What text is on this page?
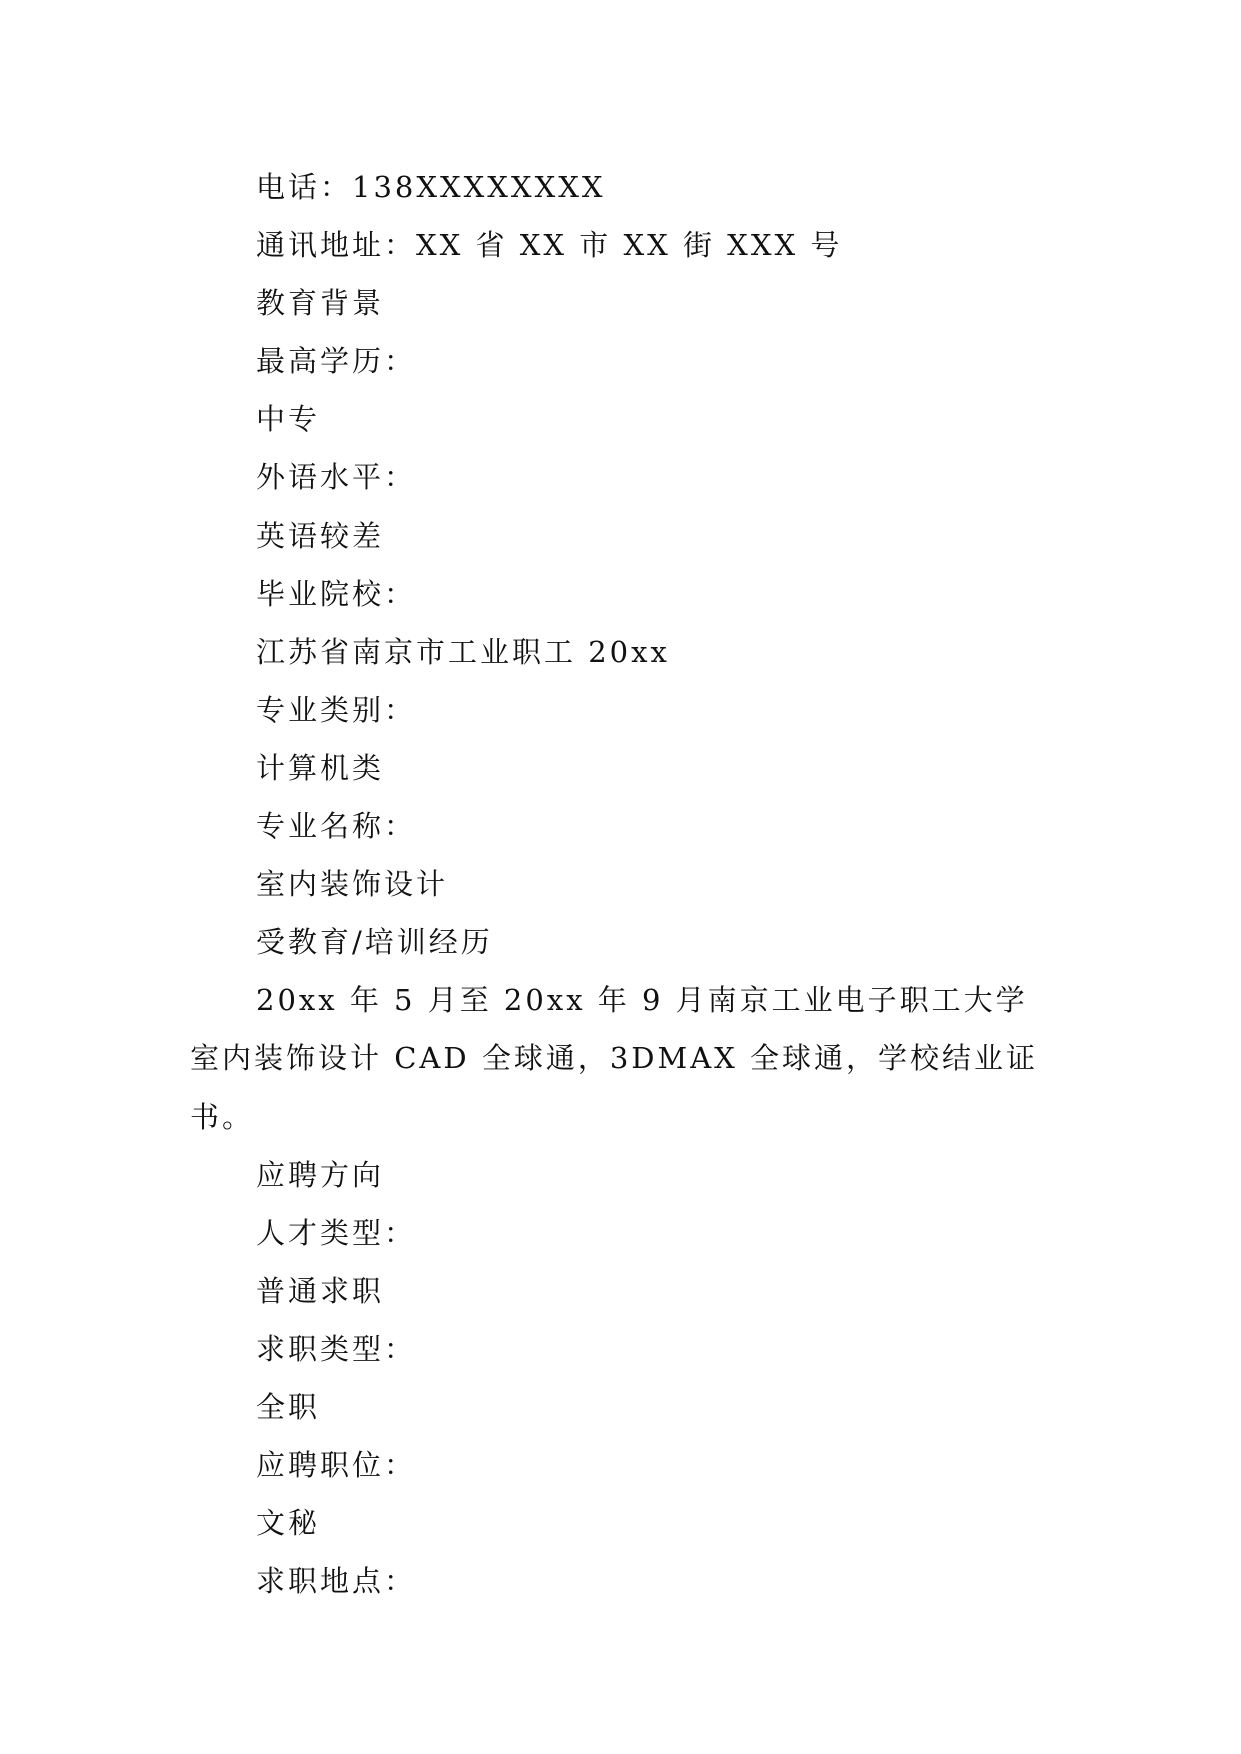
电话：138XXXXXXXX
通讯地址：XX 省 XX 市 XX 街 XXX 号
教育背景
最高学历：
中专
外语水平：
英语较差
毕业院校：
江苏省南京市工业职工 20xx
专业类别：
计算机类
专业名称：
室内装饰设计
受教育/培训经历
20xx 年 5 月至 20xx 年 9 月南京工业电子职工大学室内装饰设计 CAD 全球通，3DMAX 全球通，学校结业证书。
应聘方向
人才类型：
普通求职
求职类型：
全职
应聘职位：
文秘
求职地点：
